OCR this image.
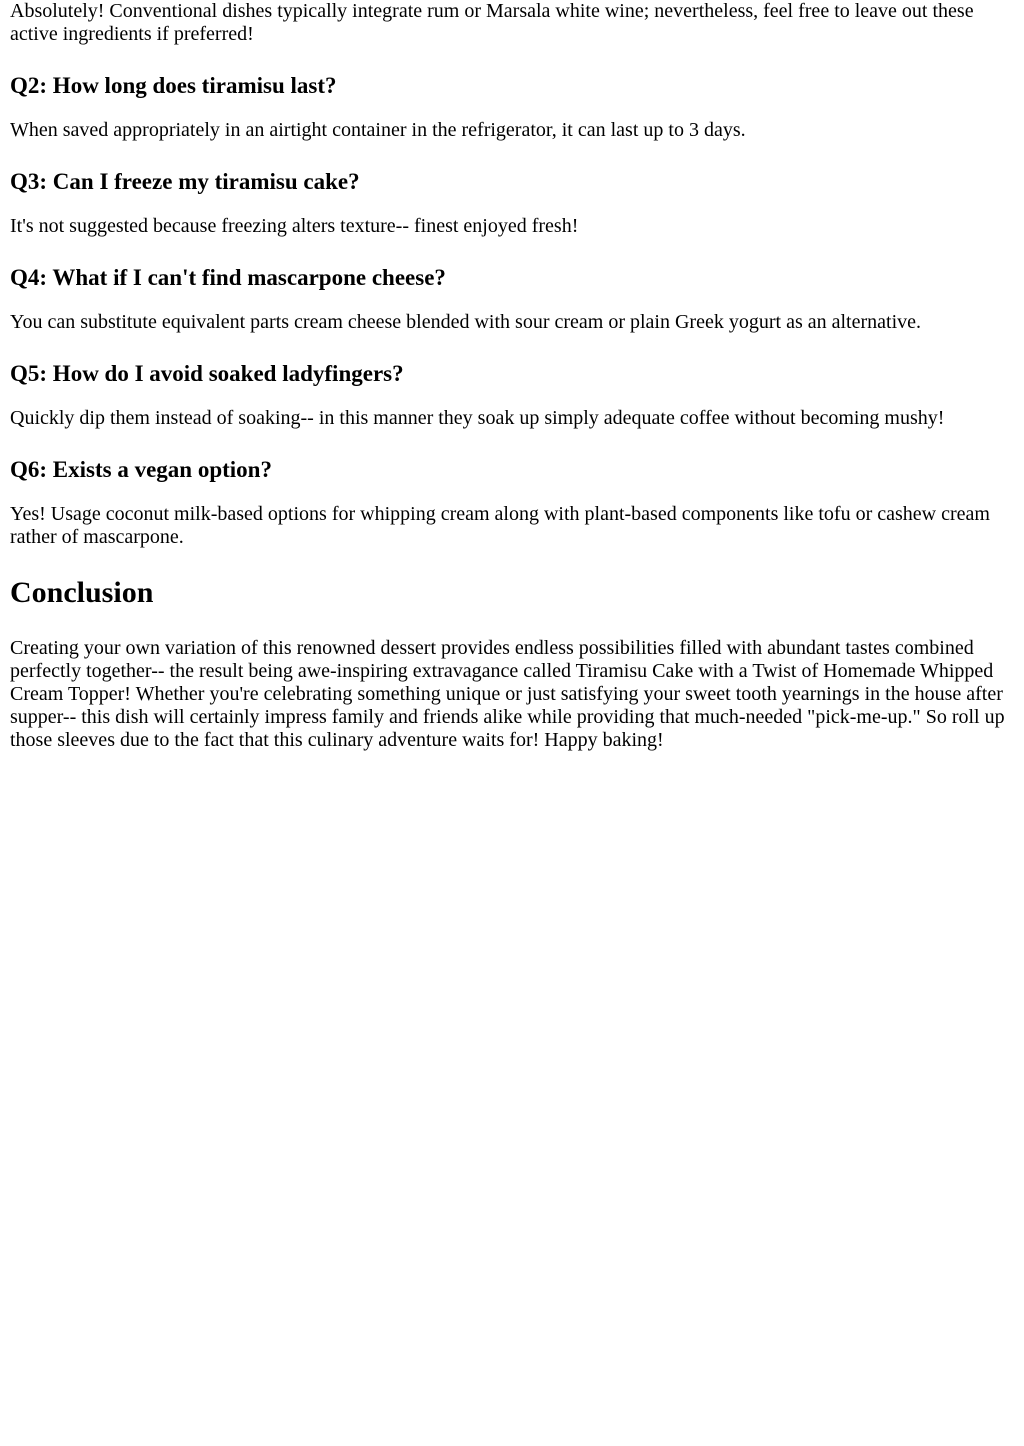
Absolutely! Conventional dishes typically integrate rum or Marsala white wine; nevertheless, feel free to leave out these active ingredients if preferred!

Q2: How long does tiramisu last?

When saved appropriately in an airtight container in the refrigerator, it can last up to 3 days.

Q3: Can I freeze my tiramisu cake?

It's not suggested because freezing alters texture-- finest enjoyed fresh!

Q4: What if I can't find mascarpone cheese?

You can substitute equivalent parts cream cheese blended with sour cream or plain Greek yogurt as an alternative.

Q5: How do I avoid soaked ladyfingers?

Quickly dip them instead of soaking-- in this manner they soak up simply adequate coffee without becoming mushy!

Q6: Exists a vegan option?

Yes! Usage coconut milk-based options for whipping cream along with plant-based components like tofu or cashew cream rather of mascarpone.

Conclusion

Creating your own variation of this renowned dessert provides endless possibilities filled with abundant tastes combined perfectly together-- the result being awe-inspiring extravagance called Tiramisu Cake with a Twist of Homemade Whipped Cream Topper! Whether you're celebrating something unique or just satisfying your sweet tooth yearnings in the house after supper-- this dish will certainly impress family and friends alike while providing that much-needed "pick-me-up." So roll up those sleeves due to the fact that this culinary adventure waits for! Happy baking!
